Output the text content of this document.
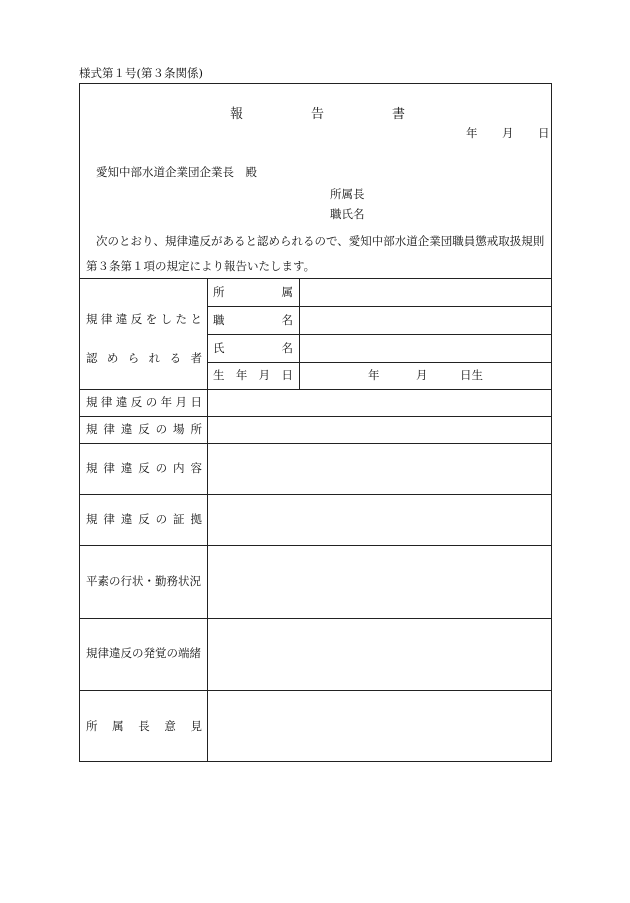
様式第１号(第３条関係)
報	告	書
年 月 日
愛知中部水道企業団企業長　殿
所属長
職氏名
次のとおり、規律違反があると認められるので、愛知中部水道企業団職員懲戒取扱規則
第３条第１項の規定により報告いたします。
規 律 違 反 を し た と
認 め ら れ る 者
所	属
職	名
氏	名
生 年 月 日	年	月	日生
規 律 違 反 の 年 月 日
規 律 違 反 の 場 所
規 律 違 反 の 内 容
規 律 違 反 の 証 拠
平素の行状・勤務状況
規律違反の発覚の端緒
所 属 長 意 見
